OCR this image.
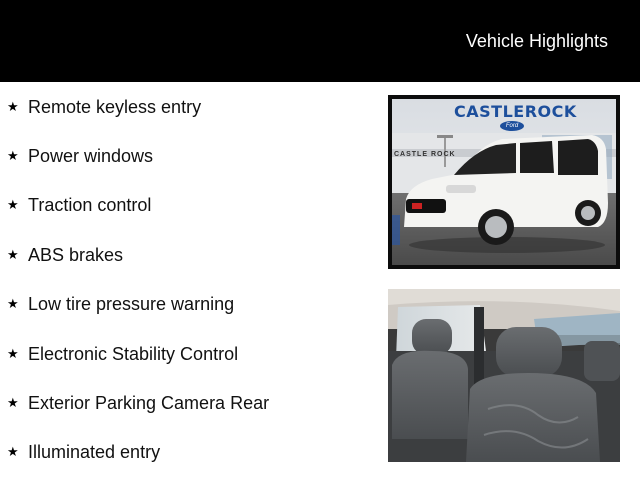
Vehicle Highlights
★ Remote keyless entry
★ Power windows
★ Traction control
★ ABS brakes
★ Low tire pressure warning
★ Electronic Stability Control
★ Exterior Parking Camera Rear
★ Illuminated entry
CASTLEROCK
Ford
CASTLE ROCK
